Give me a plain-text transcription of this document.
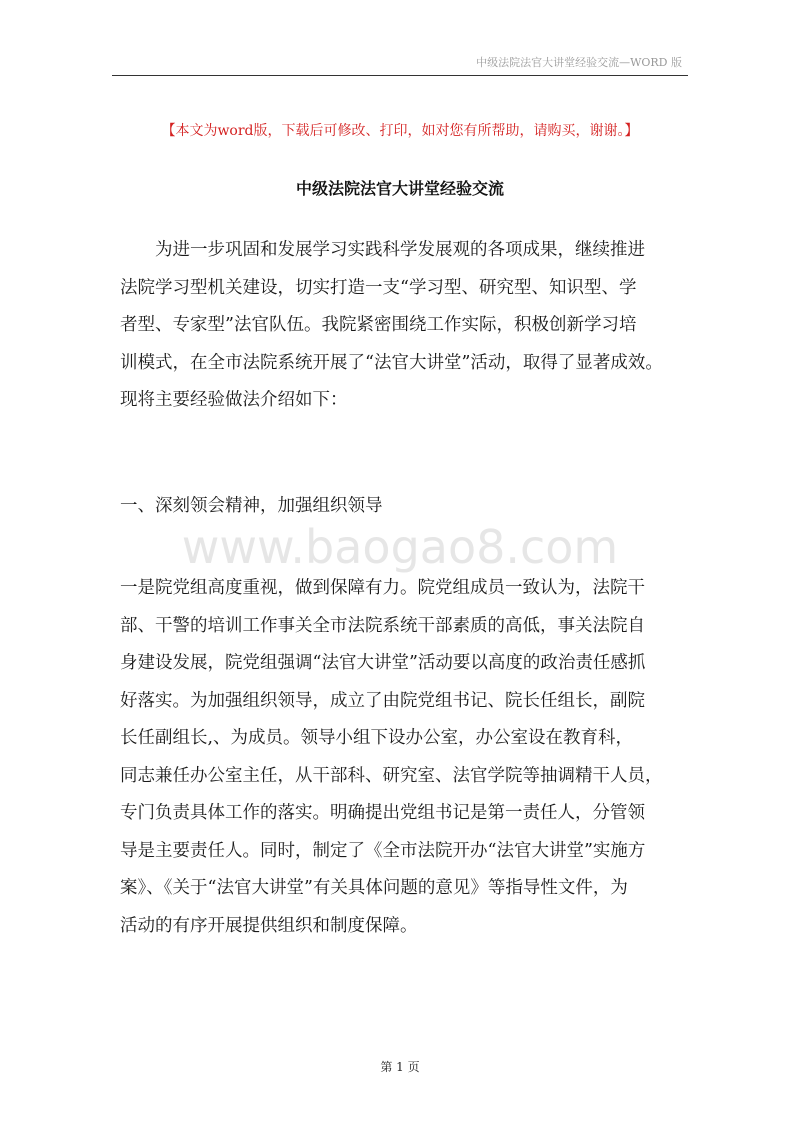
中级法院法官大讲堂经验交流—WORD 版
【本文为word版，下载后可修改、打印，如对您有所帮助，请购买，谢谢。】
中级法院法官大讲堂经验交流
　　为进一步巩固和发展学习实践科学发展观的各项成果，继续推进
法院学习型机关建设，切实打造一支“学习型、研究型、知识型、学
者型、专家型”法官队伍。我院紧密围绕工作实际，积极创新学习培
训模式，在全市法院系统开展了“法官大讲堂”活动，取得了显著成效。
现将主要经验做法介绍如下：
一、深刻领会精神，加强组织领导
www.baogao8.com
一是院党组高度重视，做到保障有力。院党组成员一致认为，法院干
部、干警的培训工作事关全市法院系统干部素质的高低，事关法院自
身建设发展，院党组强调“法官大讲堂”活动要以高度的政治责任感抓
好落实。为加强组织领导，成立了由院党组书记、院长任组长，副院
长任副组长,、为成员。领导小组下设办公室，办公室设在教育科，
同志兼任办公室主任，从干部科、研究室、法官学院等抽调精干人员，
专门负责具体工作的落实。明确提出党组书记是第一责任人，分管领
导是主要责任人。同时，制定了《全市法院开办“法官大讲堂”实施方
案》、《关于“法官大讲堂”有关具体问题的意见》等指导性文件，为
活动的有序开展提供组织和制度保障。
第 1 页
